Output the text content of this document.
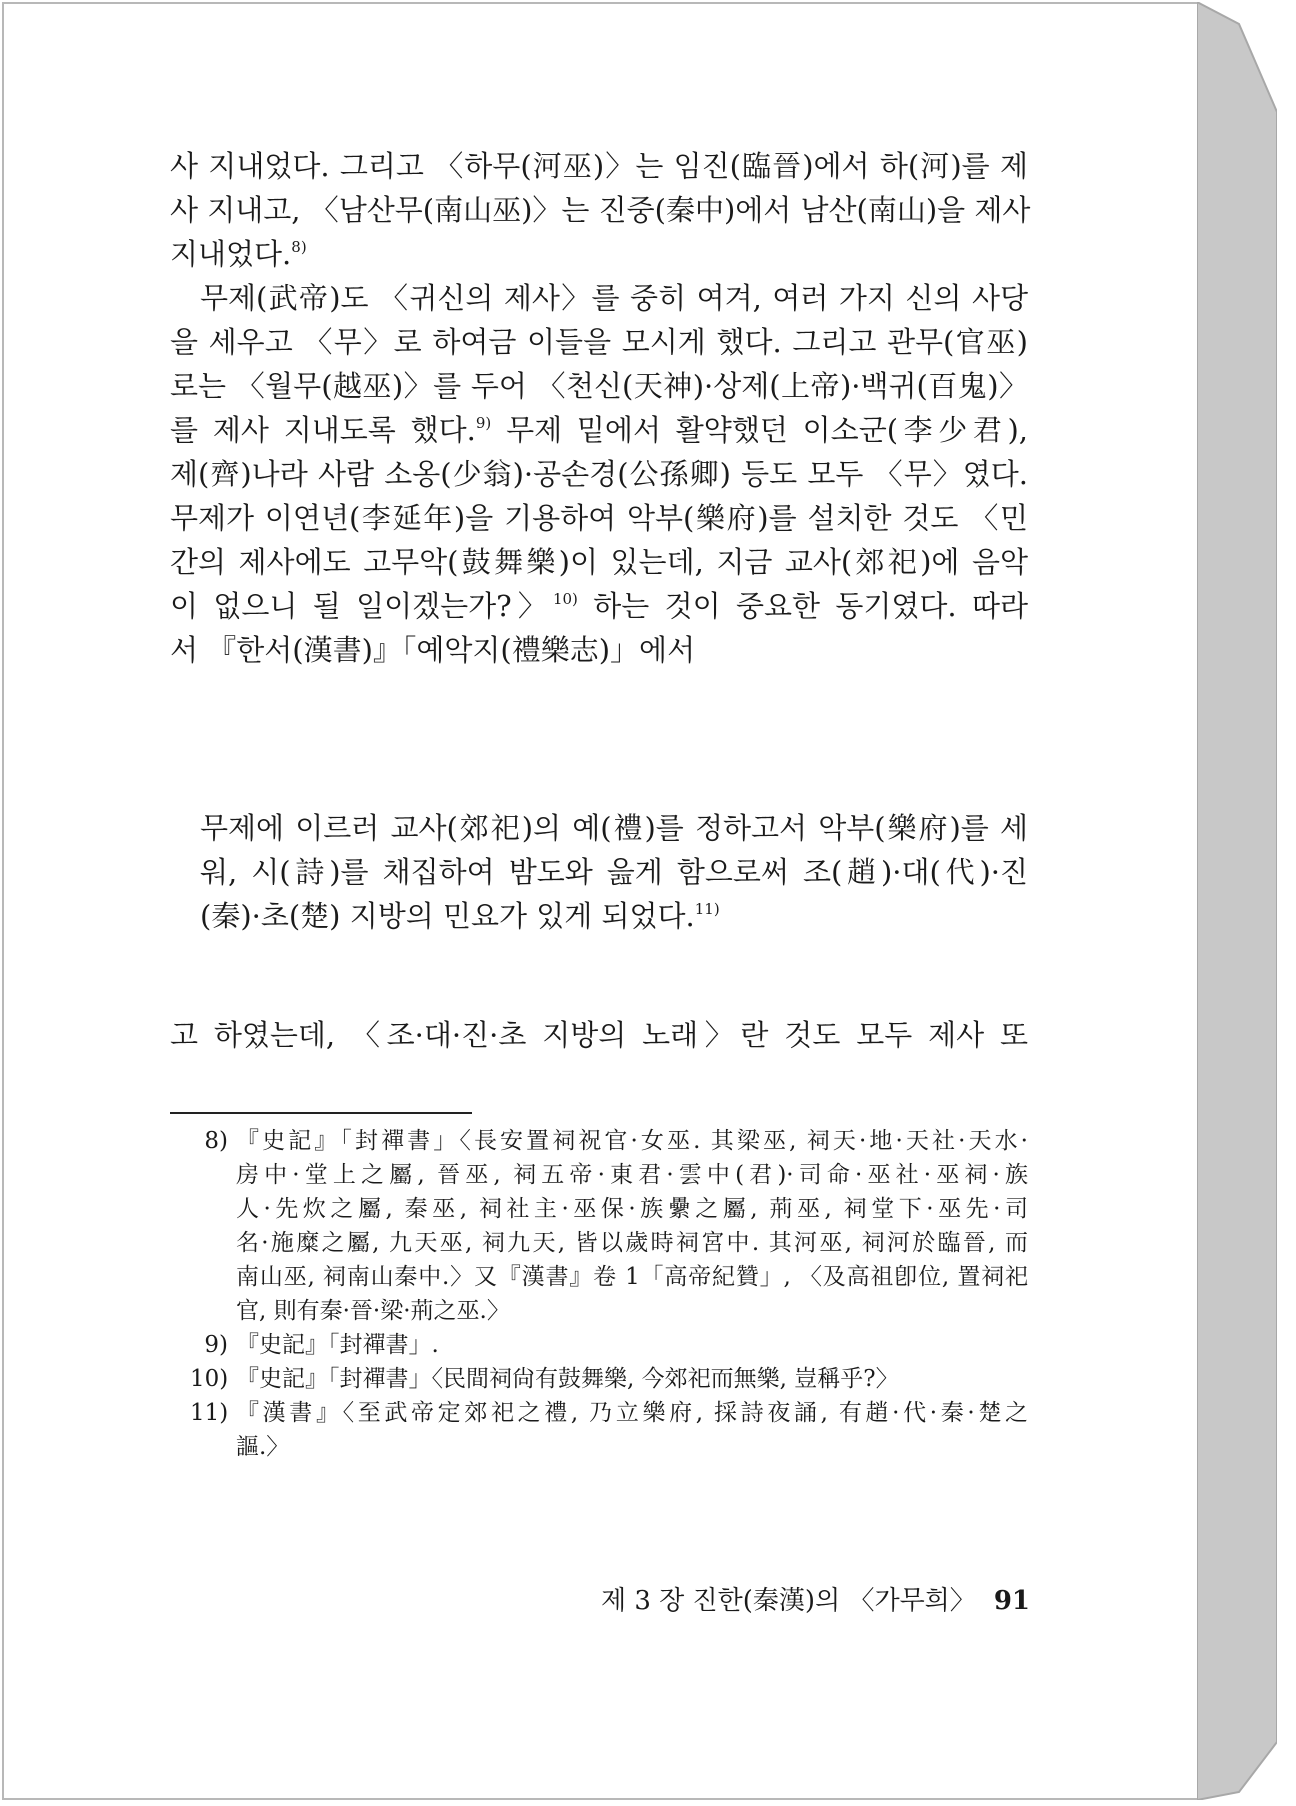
사 지내었다. 그리고 〈하무(河巫)〉는 임진(臨晉)에서 하(河)를 제
사 지내고, 〈남산무(南山巫)〉는 진중(秦中)에서 남산(南山)을 제사
지내었다.$^{8)}$
무제(武帝)도 〈귀신의 제사〉를 중히 여겨, 여러 가지 신의 사당
을 세우고 〈무〉로 하여금 이들을 모시게 했다. 그리고 관무(官巫)
로는 〈월무(越巫)〉를 두어 〈천신(天神)·상제(上帝)·백귀(百鬼)〉
를 제사 지내도록 했다.$^{9)}$ 무제 밑에서 활약했던 이소군(李少君),
제(齊)나라 사람 소옹(少翁)·공손경(公孫卿) 등도 모두 〈무〉였다.
무제가 이연년(李延年)을 기용하여 악부(樂府)를 설치한 것도 〈민
간의 제사에도 고무악(鼓舞樂)이 있는데, 지금 교사(郊祀)에 음악
이 없으니 될 일이겠는가?〉$^{10)}$ 하는 것이 중요한 동기였다. 따라
서 『한서(漢書)』「예악지(禮樂志)」에서
무제에 이르러 교사(郊祀)의 예(禮)를 정하고서 악부(樂府)를 세
워, 시(詩)를 채집하여 밤도와 읊게 함으로써 조(趙)·대(代)·진
(秦)·초(楚) 지방의 민요가 있게 되었다.$^{11)}$
고 하였는데, 〈조·대·진·초 지방의 노래〉란 것도 모두 제사 또
8) 『史記』「封禪書」〈長安置祠祝官·女巫. 其梁巫, 祠天·地·天社·天水·
房中·堂上之屬, 晉巫, 祠五帝·東君·雲中(君)·司命·巫社·巫祠·族
人·先炊之屬, 秦巫, 祠社主·巫保·族纍之屬, 荊巫, 祠堂下·巫先·司
名·施糜之屬, 九天巫, 祠九天, 皆以歲時祠宮中. 其河巫, 祠河於臨晉, 而
南山巫, 祠南山秦中.〉又『漢書』卷 1「高帝紀贊」, 〈及高祖卽位, 置祠祀
官, 則有秦·晉·梁·荊之巫.〉
9) 『史記』「封禪書」.
10) 『史記』「封禪書」〈民間祠尙有鼓舞樂, 今郊祀而無樂, 豈稱乎?〉
11) 『漢書』〈至武帝定郊祀之禮, 乃立樂府, 採詩夜誦, 有趙·代·秦·楚之
謳.〉
제 3 장 진한(秦漢)의 〈가무희〉 91
